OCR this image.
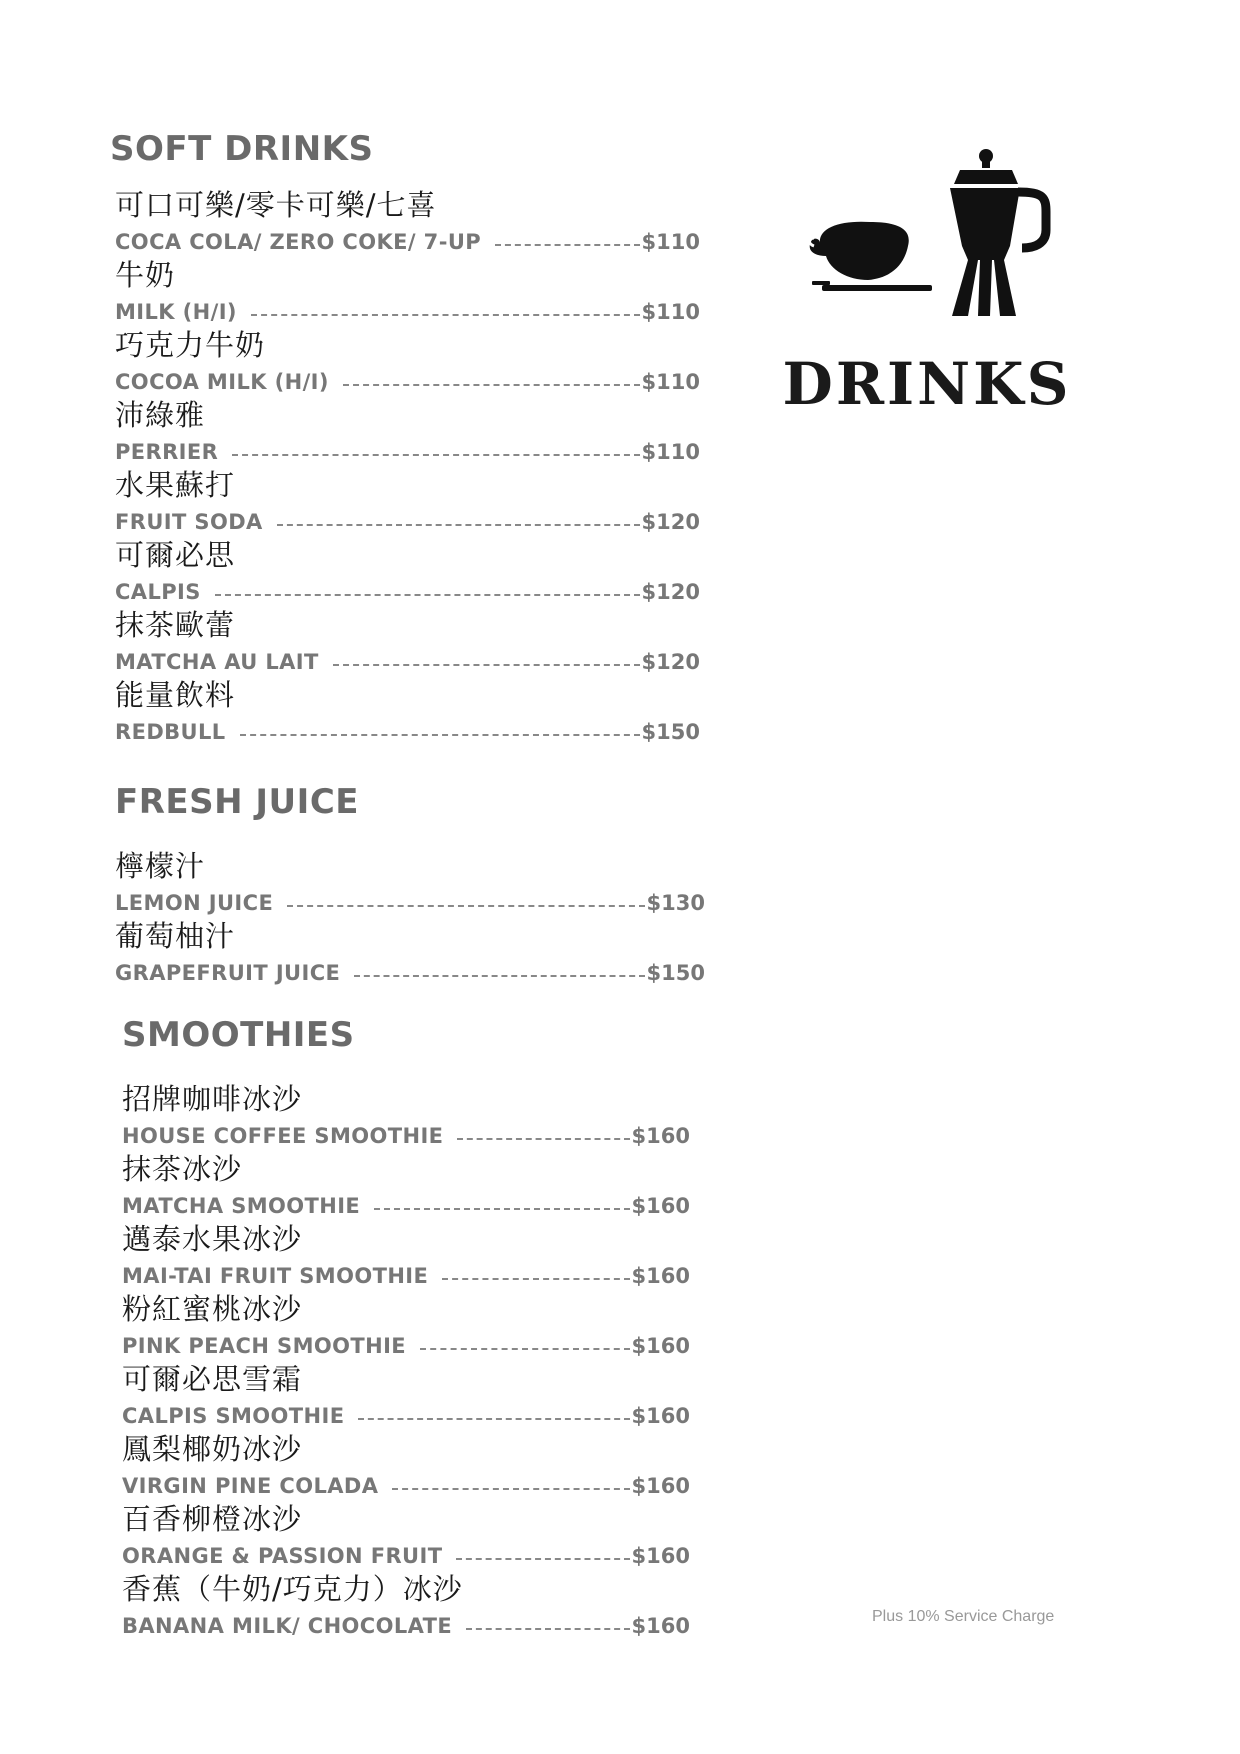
SOFT DRINKS
可口可樂/零卡可樂/七喜
COCA COLA/ ZERO COKE/ 7-UP	$110
牛奶
MILK (H/I)	$110
巧克力牛奶
COCOA MILK (H/I)	$110
沛綠雅
PERRIER	$110
水果蘇打
FRUIT SODA	$120
可爾必思
CALPIS	$120
抹茶歐蕾
MATCHA AU LAIT	$120
能量飲料
REDBULL	$150
FRESH JUICE
檸檬汁
LEMON JUICE	$130
葡萄柚汁
GRAPEFRUIT JUICE	$150
SMOOTHIES
招牌咖啡冰沙
HOUSE COFFEE SMOOTHIE	$160
抹茶冰沙
MATCHA SMOOTHIE	$160
邁泰水果冰沙
MAI-TAI FRUIT SMOOTHIE	$160
粉紅蜜桃冰沙
PINK PEACH SMOOTHIE	$160
可爾必思雪霜
CALPIS SMOOTHIE	$160
鳳梨椰奶冰沙
VIRGIN PINE COLADA	$160
百香柳橙冰沙
ORANGE & PASSION FRUIT	$160
香蕉（牛奶/巧克力）冰沙
BANANA MILK/ CHOCOLATE	$160
DRINKS
Plus 10% Service Charge
